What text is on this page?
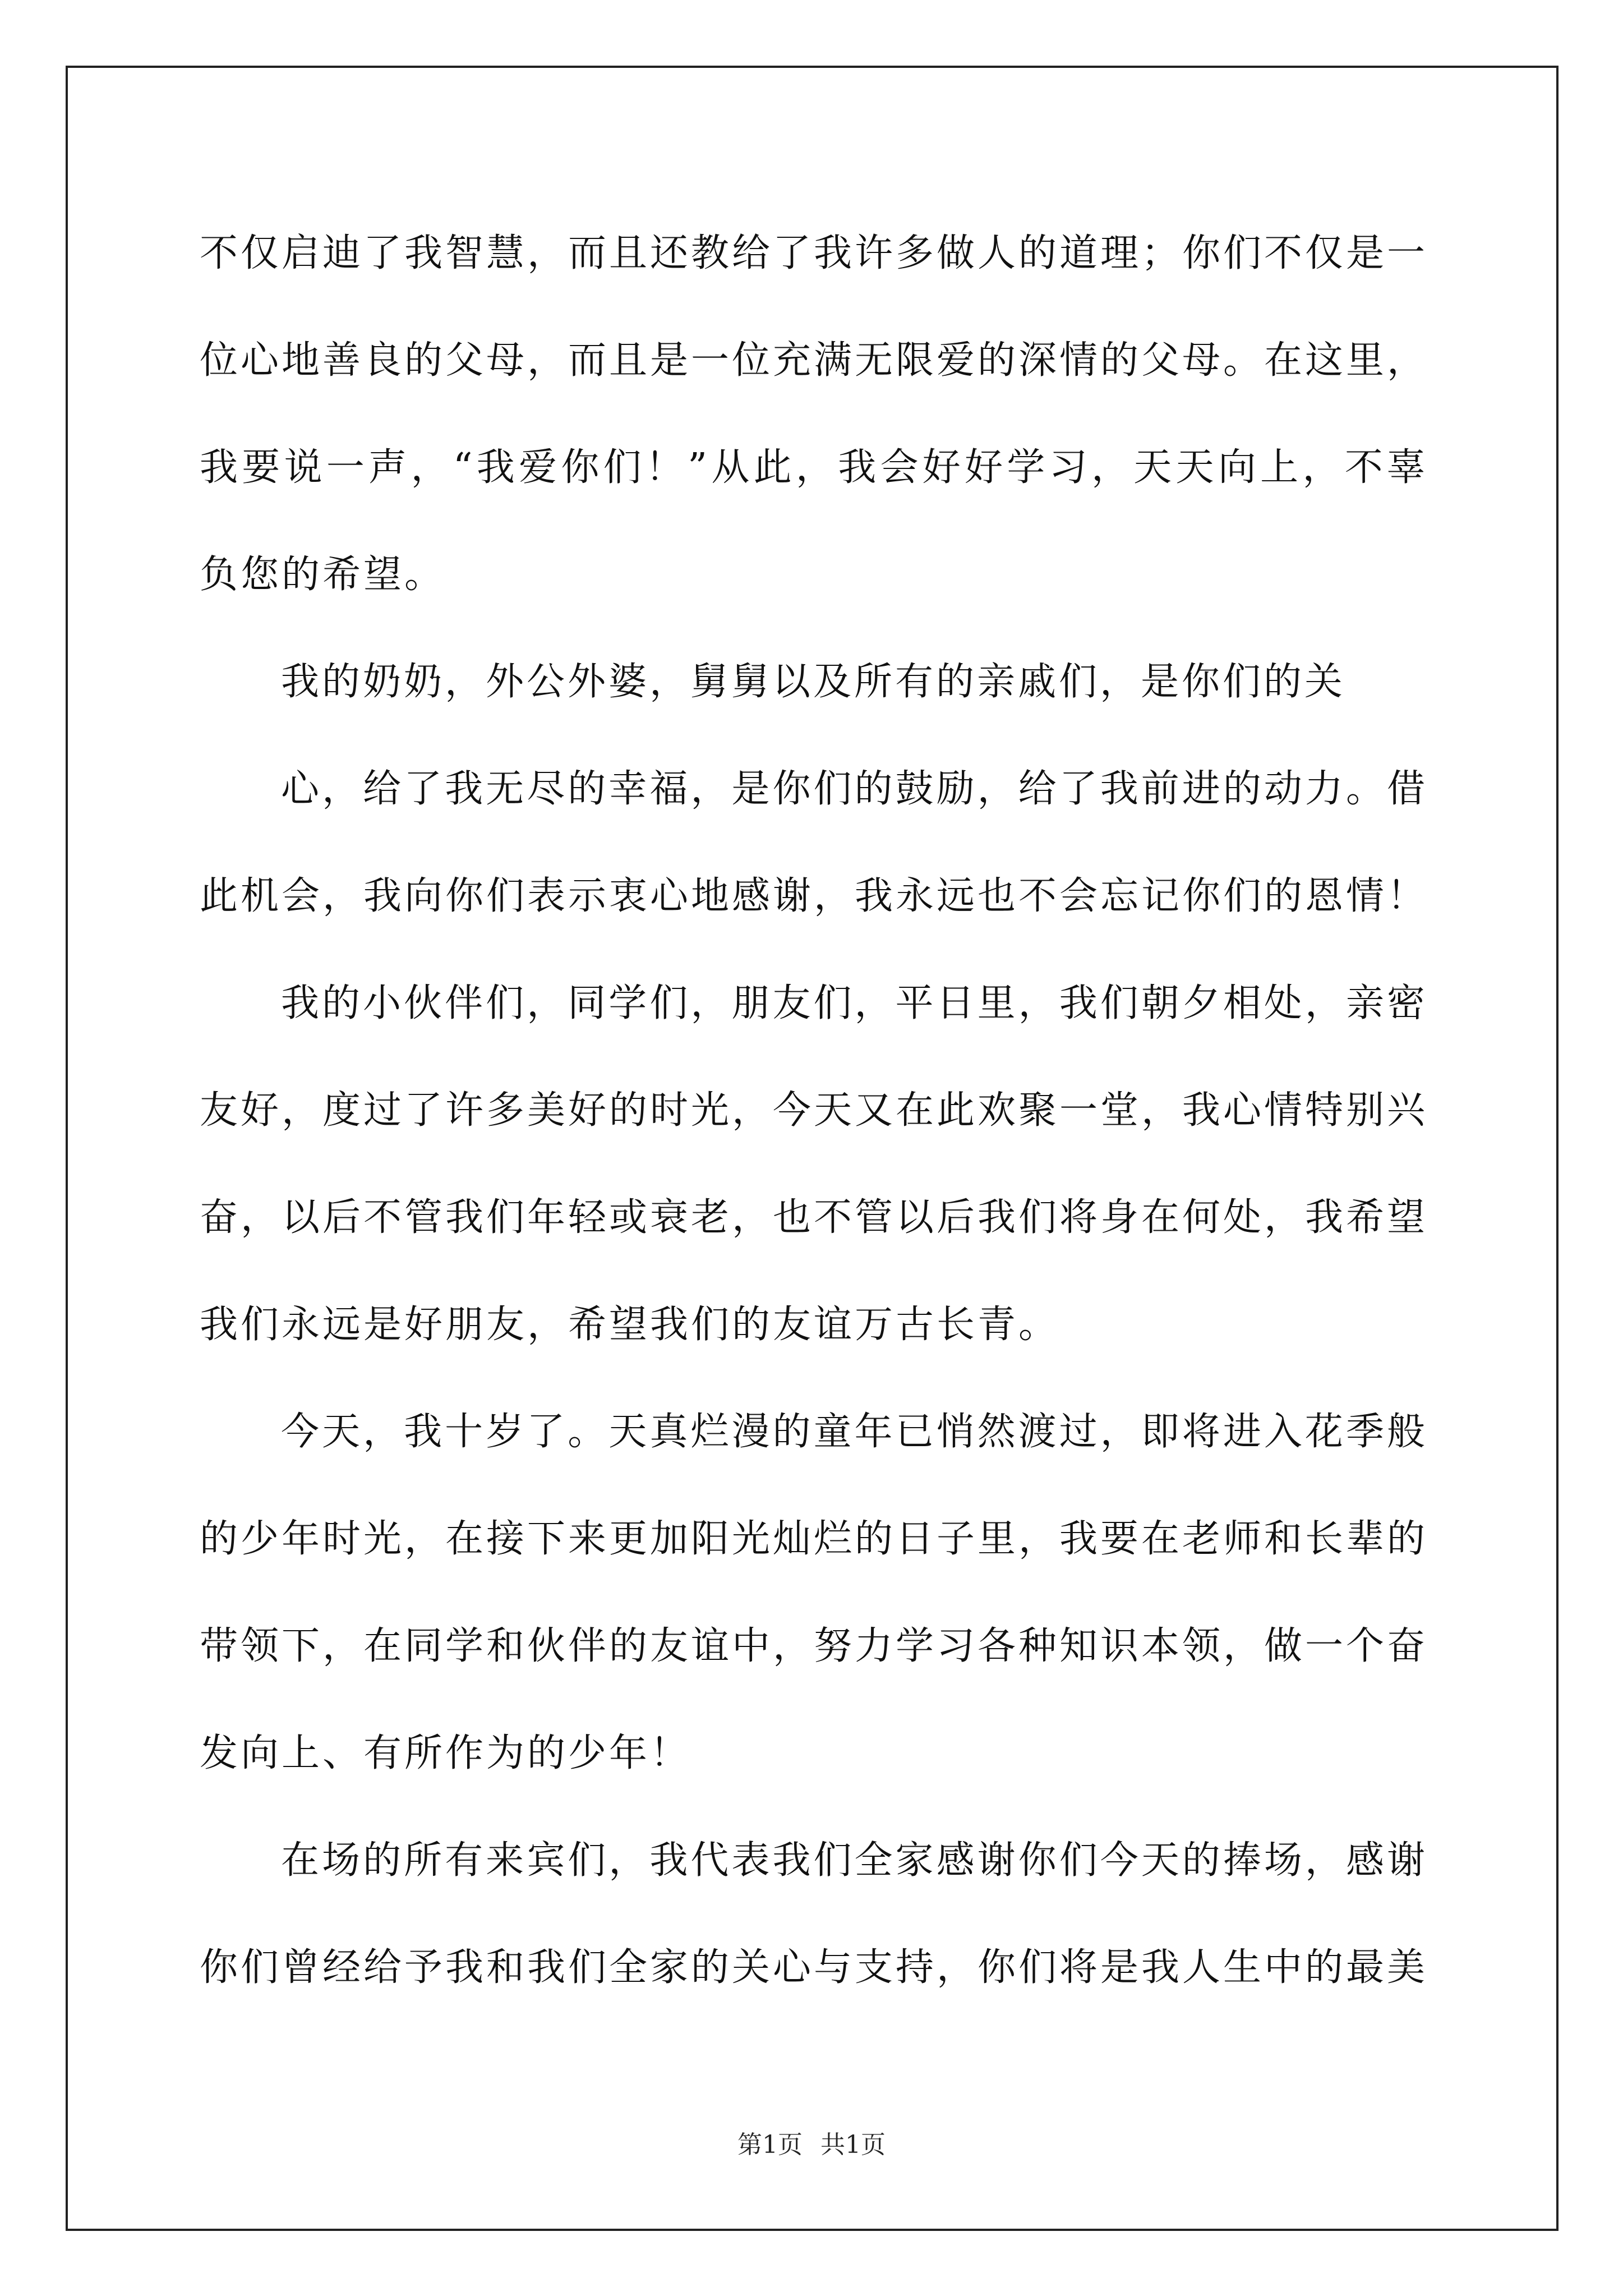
不仅启迪了我智慧，而且还教给了我许多做人的道理；你们不仅是一
位心地善良的父母，而且是一位充满无限爱的深情的父母。在这里，
我要说一声，“我爱你们！”从此，我会好好学习，天天向上，不辜
负您的希望。
我的奶奶，外公外婆，舅舅以及所有的亲戚们，是你们的关
心，给了我无尽的幸福，是你们的鼓励，给了我前进的动力。借
此机会，我向你们表示衷心地感谢，我永远也不会忘记你们的恩情！
我的小伙伴们，同学们，朋友们，平日里，我们朝夕相处，亲密
友好，度过了许多美好的时光，今天又在此欢聚一堂，我心情特别兴
奋，以后不管我们年轻或衰老，也不管以后我们将身在何处，我希望
我们永远是好朋友，希望我们的友谊万古长青。
今天，我十岁了。天真烂漫的童年已悄然渡过，即将进入花季般
的少年时光，在接下来更加阳光灿烂的日子里，我要在老师和长辈的
带领下，在同学和伙伴的友谊中，努力学习各种知识本领，做一个奋
发向上、有所作为的少年！
在场的所有来宾们，我代表我们全家感谢你们今天的捧场，感谢
你们曾经给予我和我们全家的关心与支持，你们将是我人生中的最美
第1页 共1页
